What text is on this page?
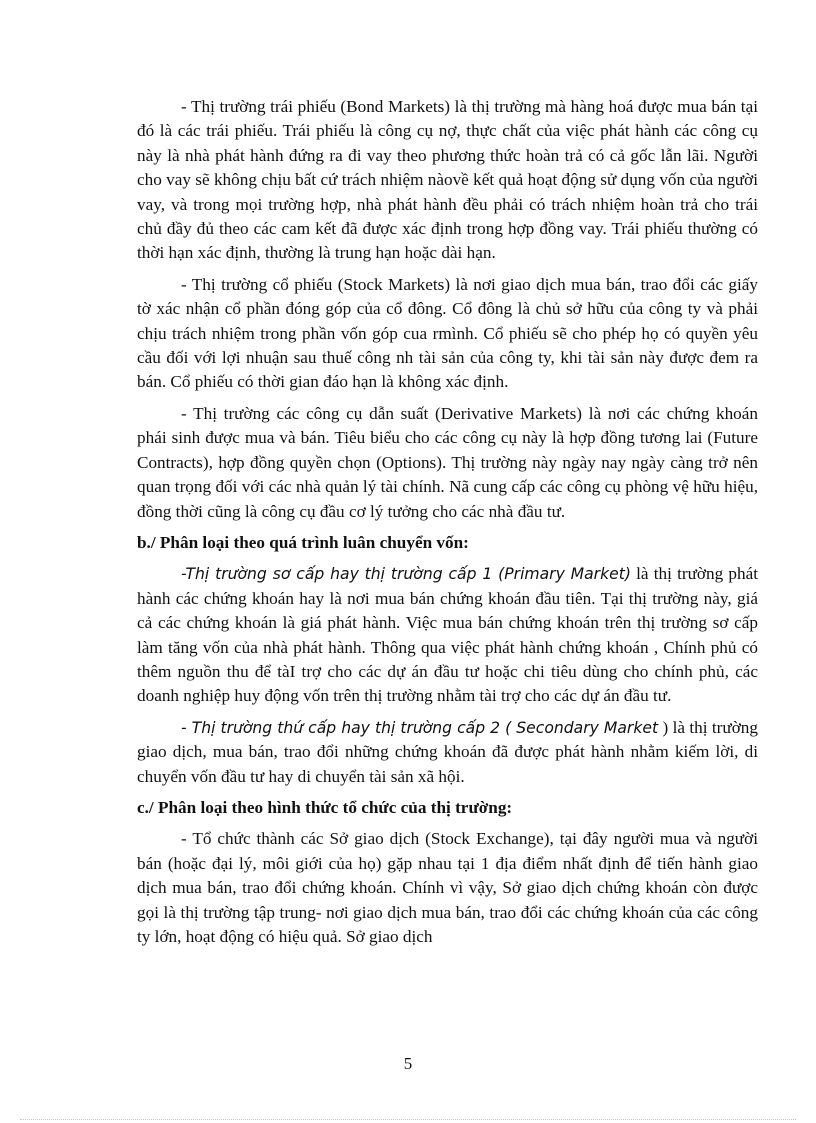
- Thị trường trái phiếu (Bond Markets) là thị trường mà hàng hoá được mua bán tại đó là các trái phiếu. Trái phiếu là công cụ nợ, thực chất của việc phát hành các công cụ này là nhà phát hành đứng ra đi vay theo phương thức hoàn trả có cả gốc lẫn lãi. Người cho vay sẽ không chịu bất cứ trách nhiệm nàovề kết quả hoạt động sử dụng vốn của người vay, và trong mọi trường hợp, nhà phát hành đều phải có trách nhiệm hoàn trả cho trái chủ đầy đủ theo các cam kết đã được xác định trong hợp đồng vay. Trái phiếu thường có thời hạn xác định, thường là trung hạn hoặc dài hạn.

- Thị trường cổ phiếu (Stock Markets) là nơi giao dịch mua bán, trao đổi các giấy tờ xác nhận cổ phần đóng góp của cổ đông. Cổ đông là chủ sở hữu của công ty và phải chịu trách nhiệm trong phần vốn góp cua rmình. Cổ phiếu sẽ cho phép họ có quyền yêu cầu đối với lợi nhuận sau thuế công nh tài sản của công ty, khi tài sản này được đem ra bán. Cổ phiếu có thời gian đáo hạn là không xác định.

- Thị trường các công cụ dẫn suất (Derivative Markets) là nơi các chứng khoán phái sinh được mua và bán. Tiêu biểu cho các công cụ này là hợp đồng tương lai (Future Contracts), hợp đồng quyền chọn (Options). Thị trường này ngày nay ngày càng trở nên quan trọng đối với các nhà quản lý tài chính. Nã cung cấp các công cụ phòng vệ hữu hiệu, đồng thời cũng là công cụ đầu cơ lý tưởng cho các nhà đầu tư.

b./ Phân loại theo quá trình luân chuyển vốn:

-Thị trường sơ cấp hay thị trường cấp 1 (Primary Market) là thị trường phát hành các chứng khoán hay là nơi mua bán chứng khoán đầu tiên. Tại thị trường này, giá cả các chứng khoán là giá phát hành. Việc mua bán chứng khoán trên thị trường sơ cấp làm tăng vốn của nhà phát hành. Thông qua việc phát hành chứng khoán , Chính phủ có thêm nguồn thu để tàI trợ cho các dự án đầu tư hoặc chi tiêu dùng cho chính phủ, các doanh nghiệp huy động vốn trên thị trường nhằm tài trợ cho các dự án đầu tư.

- Thị trường thứ cấp hay thị trường cấp 2 ( Secondary Market ) là thị trường giao dịch, mua bán, trao đổi những chứng khoán đã được phát hành nhằm kiếm lời, di chuyển vốn đầu tư hay di chuyển tài sản xã hội.

c./ Phân loại theo hình thức tổ chức của thị trường:

- Tổ chức thành các Sở giao dịch (Stock Exchange), tại đây người mua và người bán (hoặc đại lý, môi giới của họ) gặp nhau tại 1 địa điểm nhất định để tiến hành giao dịch mua bán, trao đổi chứng khoán. Chính vì vậy, Sở giao dịch chứng khoán còn được gọi là thị trường tập trung- nơi giao dịch mua bán, trao đổi các chứng khoán của các công ty lớn, hoạt động có hiệu quả. Sở giao dịch

5
